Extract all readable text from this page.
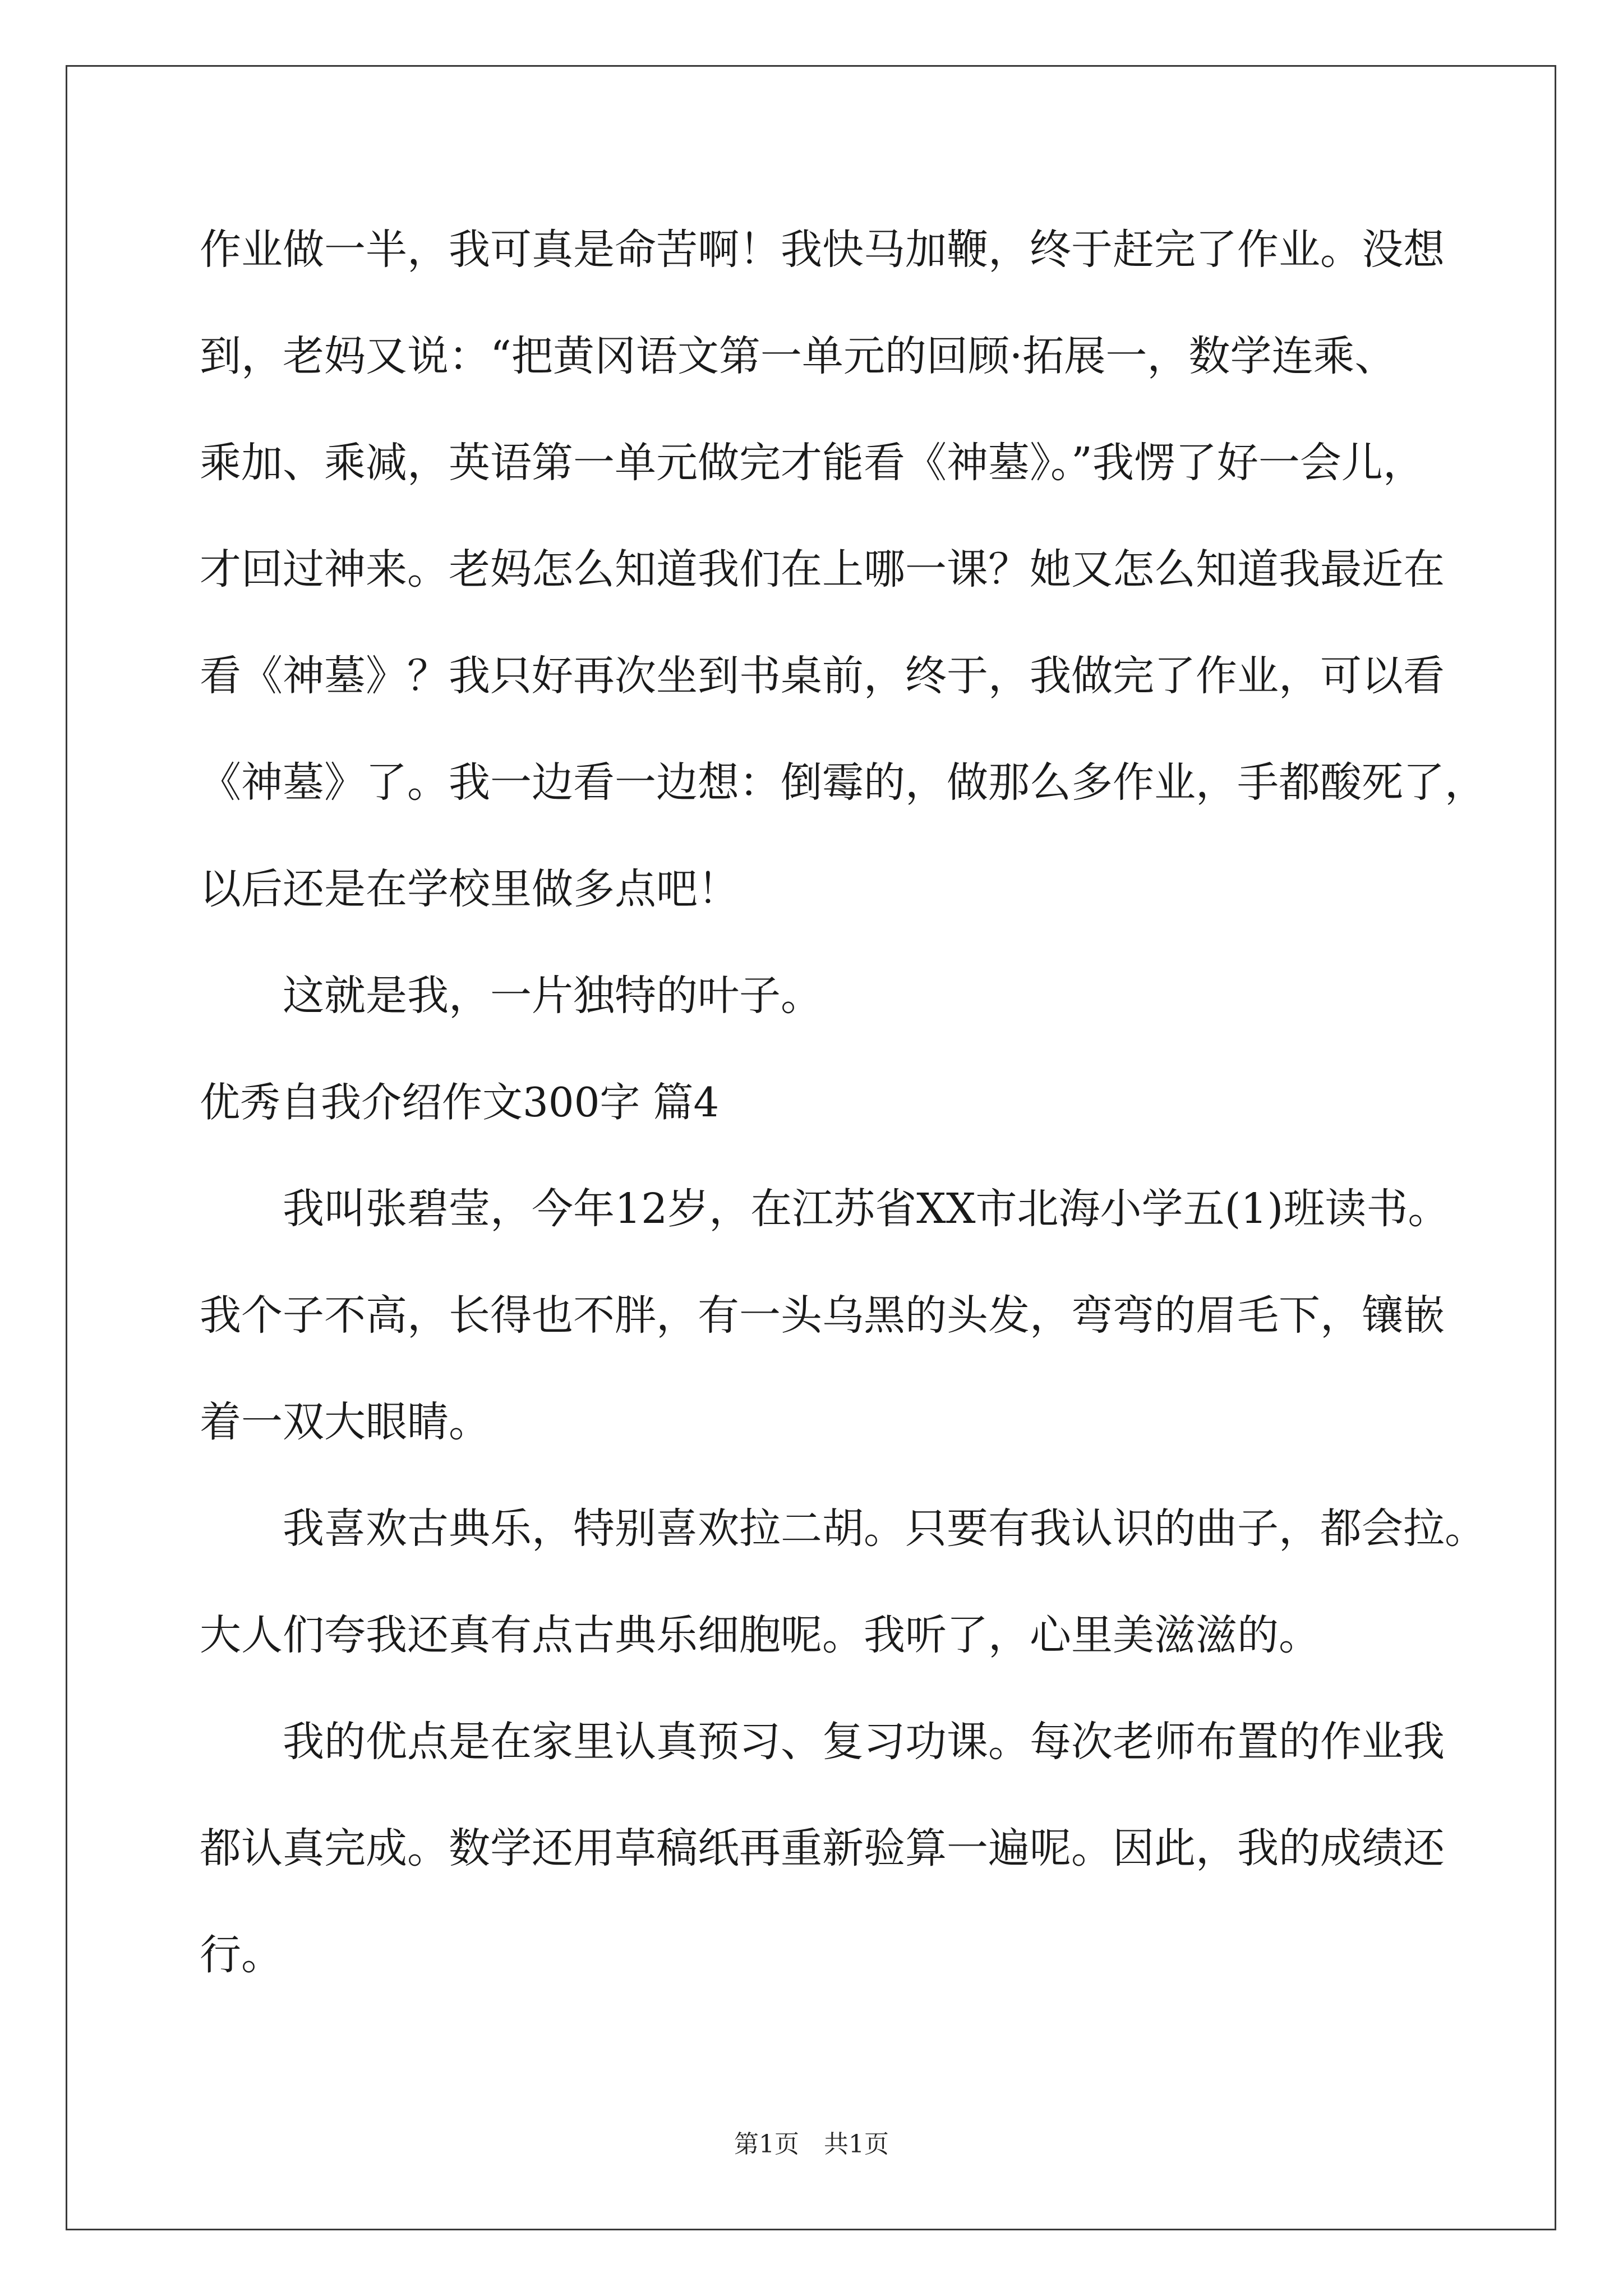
作业做一半，我可真是命苦啊！我快马加鞭，终于赶完了作业。没想
到，老妈又说：“把黄冈语文第一单元的回顾·拓展一，数学连乘、
乘加、乘减，英语第一单元做完才能看《神墓》。”我愣了好一会儿，
才回过神来。老妈怎么知道我们在上哪一课？她又怎么知道我最近在
看《神墓》？我只好再次坐到书桌前，终于，我做完了作业，可以看
《神墓》了。我一边看一边想：倒霉的，做那么多作业，手都酸死了，
以后还是在学校里做多点吧！
这就是我，一片独特的叶子。
优秀自我介绍作文300字 篇4
我叫张碧莹，今年12岁，在江苏省XX市北海小学五(1)班读书。
我个子不高，长得也不胖，有一头乌黑的头发，弯弯的眉毛下，镶嵌
着一双大眼睛。
我喜欢古典乐，特别喜欢拉二胡。只要有我认识的曲子，都会拉。
大人们夸我还真有点古典乐细胞呢。我听了，心里美滋滋的。
我的优点是在家里认真预习、复习功课。每次老师布置的作业我
都认真完成。数学还用草稿纸再重新验算一遍呢。因此，我的成绩还
行。
第1页　共1页
